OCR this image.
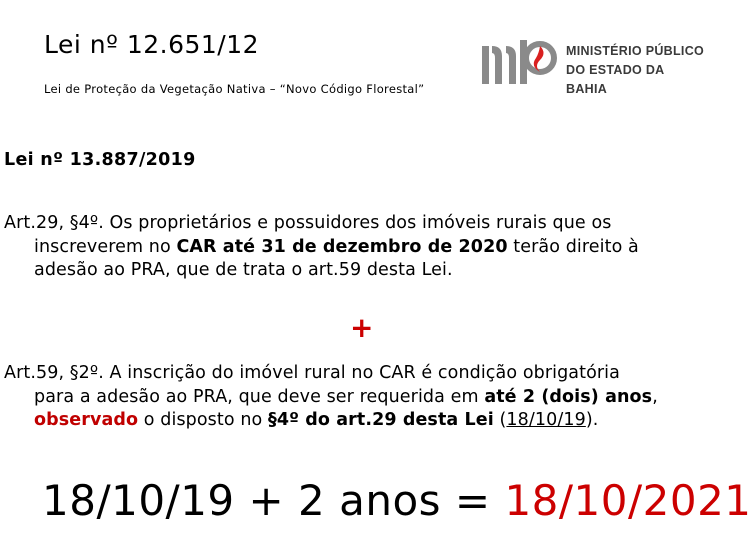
Lei nº 12.651/12
Lei de Proteção da Vegetação Nativa – “Novo Código Florestal”
MINISTÉRIO PÚBLICO
DO ESTADO DA BAHIA
Lei nº 13.887/2019
Art.29, §4º. Os proprietários e possuidores dos imóveis rurais que os
inscreverem no CAR até 31 de dezembro de 2020 terão direito à
adesão ao PRA, que de trata o art.59 desta Lei.
+
Art.59, §2º. A inscrição do imóvel rural no CAR é condição obrigatória
para a adesão ao PRA, que deve ser requerida em até 2 (dois) anos,
observado o disposto no §4º do art.29 desta Lei (18/10/19).
18/10/19 + 2 anos = 18/10/2021
